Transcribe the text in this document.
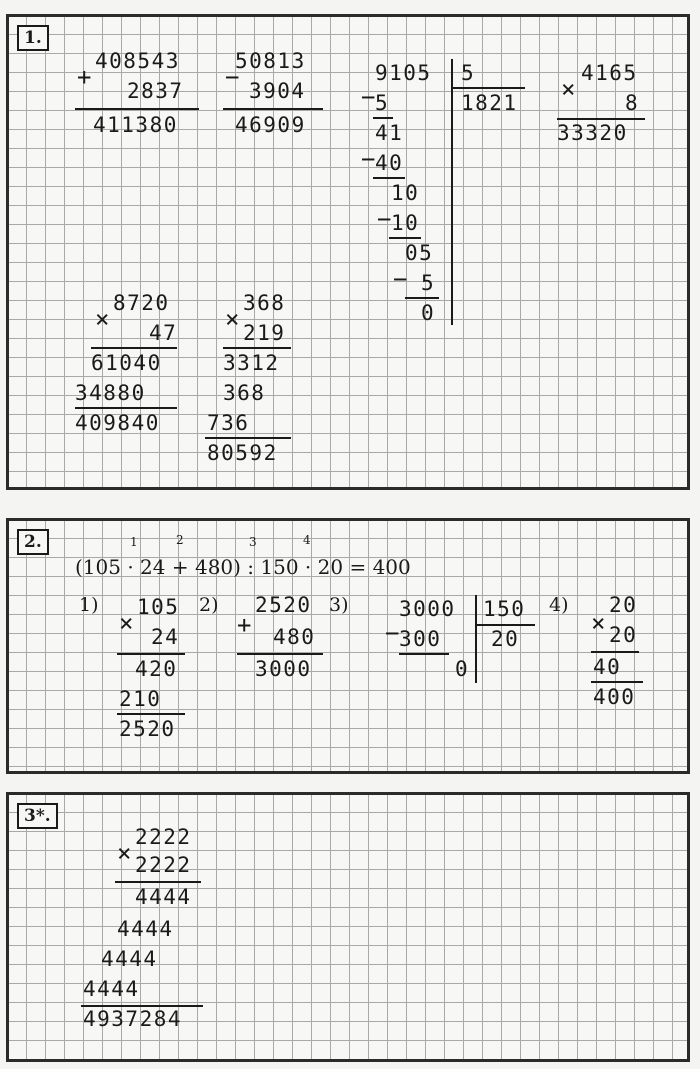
1.
408543
+ 2837
411380
50813
− 3904
46909
9105 5
1821
− 5
41
− 40
10
− 10
05
− 5
0
4165
× 8
33320
8720
× 47
61040
34880
409840
368
× 219
3312
368
736
80592
2.	1	2	3	4
(105 · 24 + 480) : 150 · 20 = 400
1)	2)	3)	4)
105
× 24
420
210
2520
2520
+ 480
3000
3000 150
20
− 300
0
20
× 20
40
400
3*.
2222
× 2222
4444
4444
4444
4444
4937284
